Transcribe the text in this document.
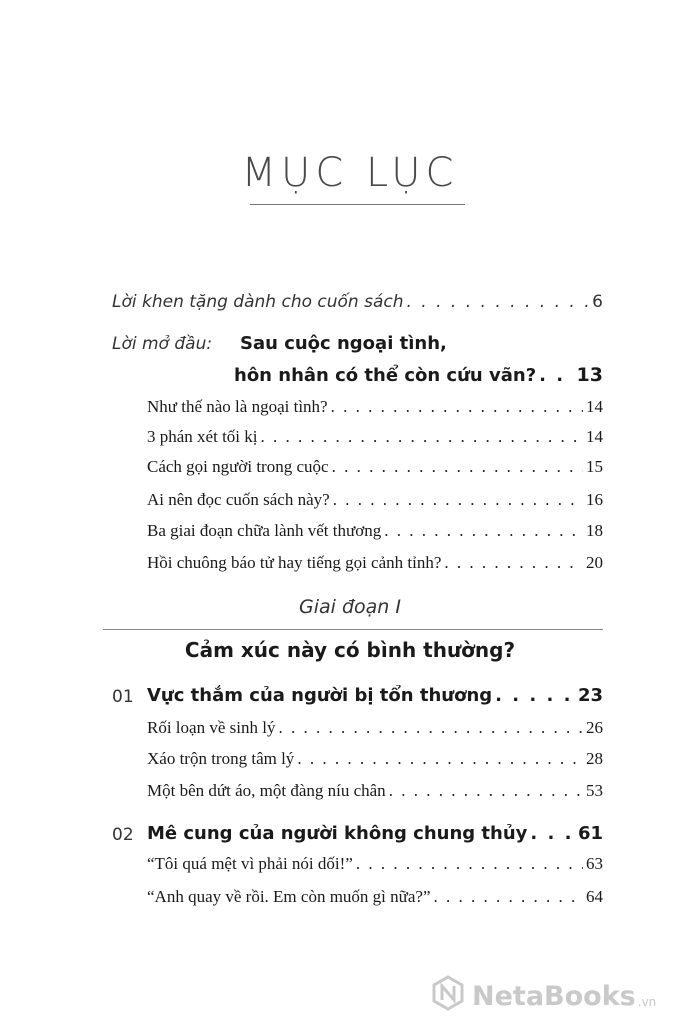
MỤC LỤC
Lời khen tặng dành cho cuốn sách . . .	6
Lời mở đầu: Sau cuộc ngoại tình,
hôn nhân có thể còn cứu vãn? . . . 13
Như thế nào là ngoại tình? . . .	14
3 phán xét tối kị . . .	14
Cách gọi người trong cuộc . . .	15
Ai nên đọc cuốn sách này? . . .	16
Ba giai đoạn chữa lành vết thương . . .	18
Hồi chuông báo tử hay tiếng gọi cảnh tỉnh? . . .	20
Giai đoạn I
Cảm xúc này có bình thường?
01 Vực thẳm của người bị tổn thương . . .	23
Rối loạn về sinh lý . . .	26
Xáo trộn trong tâm lý . . .	28
Một bên dứt áo, một đàng níu chân . . .	53
02 Mê cung của người không chung thủy . . .	61
“Tôi quá mệt vì phải nói dối!” . . .	63
“Anh quay về rồi. Em còn muốn gì nữa?” . . .	64
NetaBooks .vn
